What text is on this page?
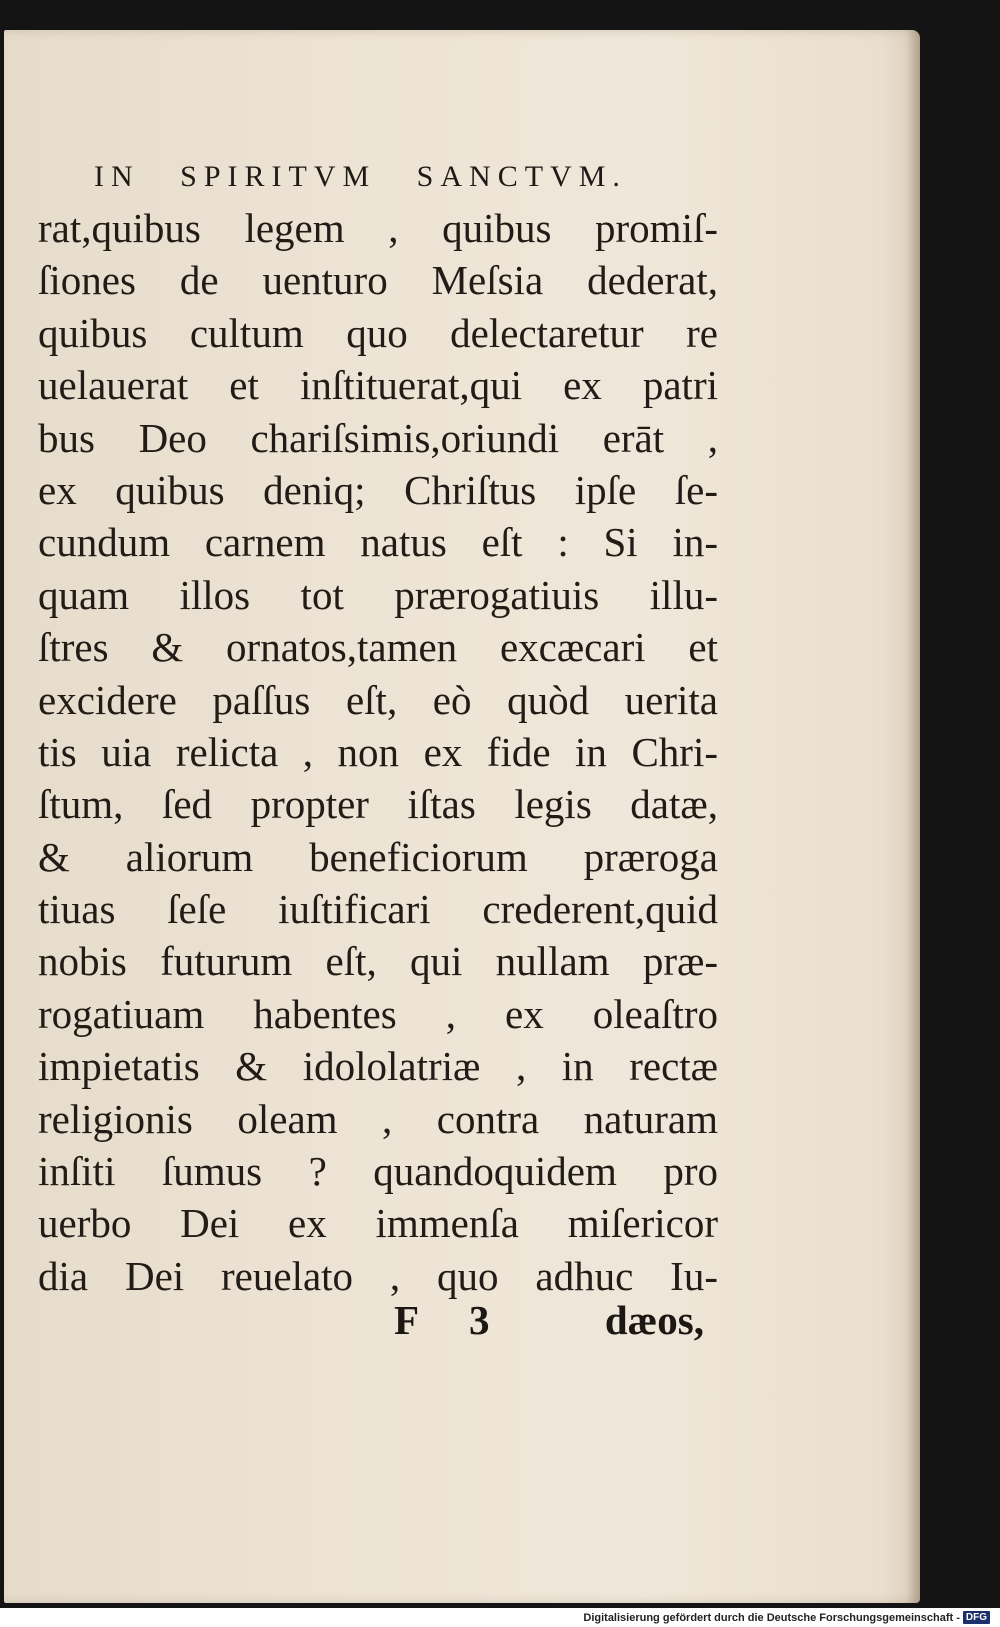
IN SPIRITVM SANCTVM.
rat,quibus legem , quibus promiſ-
ſiones de uenturo Meſsia dederat,
quibus cultum quo delectaretur re
uelauerat et inſtituerat,qui ex patri
bus Deo chariſsimis,oriundi erāt ,
ex quibus deniq; Chriſtus ipſe ſe-
cundum carnem natus eſt : Si in-
quam illos tot prærogatiuis illu-
ſtres & ornatos,tamen excæcari et
excidere paſſus eſt, eò quòd uerita
tis uia relicta , non ex fide in Chri-
ſtum, ſed propter iſtas legis datæ,
& aliorum beneficiorum prærogа
tiuas ſeſe iuſtificari crederent,quid
nobis futurum eſt, qui nullam præ-
rogatiuam habentes , ex oleaſtro
impietatis & idololatriæ , in rectæ
religionis oleam , contra naturam
inſiti ſumus ? quandoquidem pro
uerbo Dei ex immenſa miſericor
dia Dei reuelato , quo adhuc Iu-
F 3	dæos,
Digitalisierung gefördert durch die Deutsche Forschungsgemeinschaft - DFG
